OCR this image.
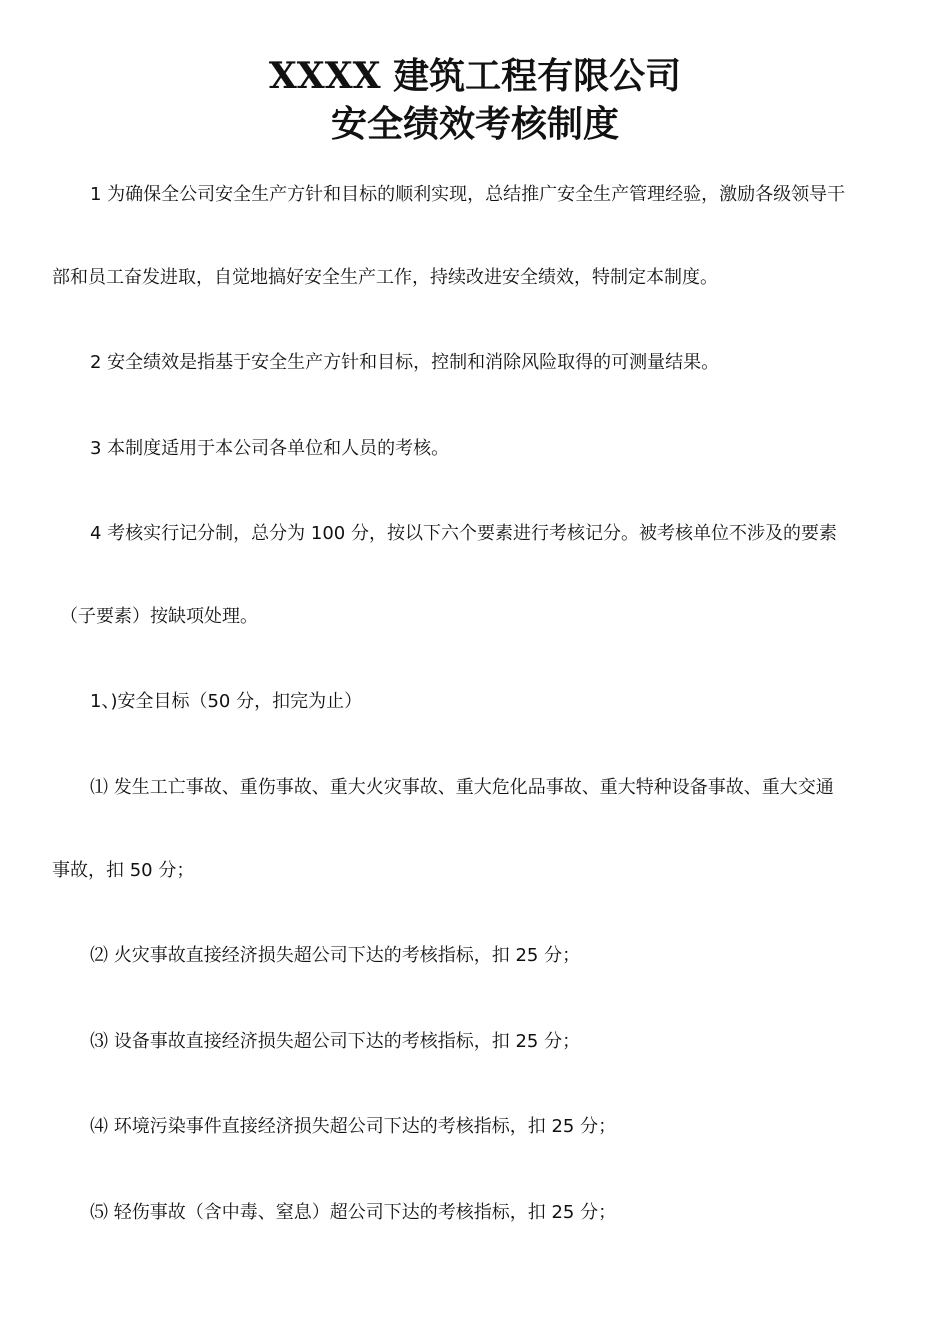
XXXX 建筑工程有限公司
安全绩效考核制度
1 为确保全公司安全生产方针和目标的顺利实现，总结推广安全生产管理经验，激励各级领导干
部和员工奋发进取，自觉地搞好安全生产工作，持续改进安全绩效，特制定本制度。
2 安全绩效是指基于安全生产方针和目标，控制和消除风险取得的可测量结果。
3 本制度适用于本公司各单位和人员的考核。
4 考核实行记分制，总分为 100 分，按以下六个要素进行考核记分。被考核单位不涉及的要素
（子要素）按缺项处理。
1、)安全目标（50 分，扣完为止）
⑴ 发生工亡事故、重伤事故、重大火灾事故、重大危化品事故、重大特种设备事故、重大交通
事故，扣 50 分；
⑵ 火灾事故直接经济损失超公司下达的考核指标，扣 25 分；
⑶ 设备事故直接经济损失超公司下达的考核指标，扣 25 分；
⑷ 环境污染事件直接经济损失超公司下达的考核指标，扣 25 分；
⑸ 轻伤事故（含中毒、窒息）超公司下达的考核指标，扣 25 分；
